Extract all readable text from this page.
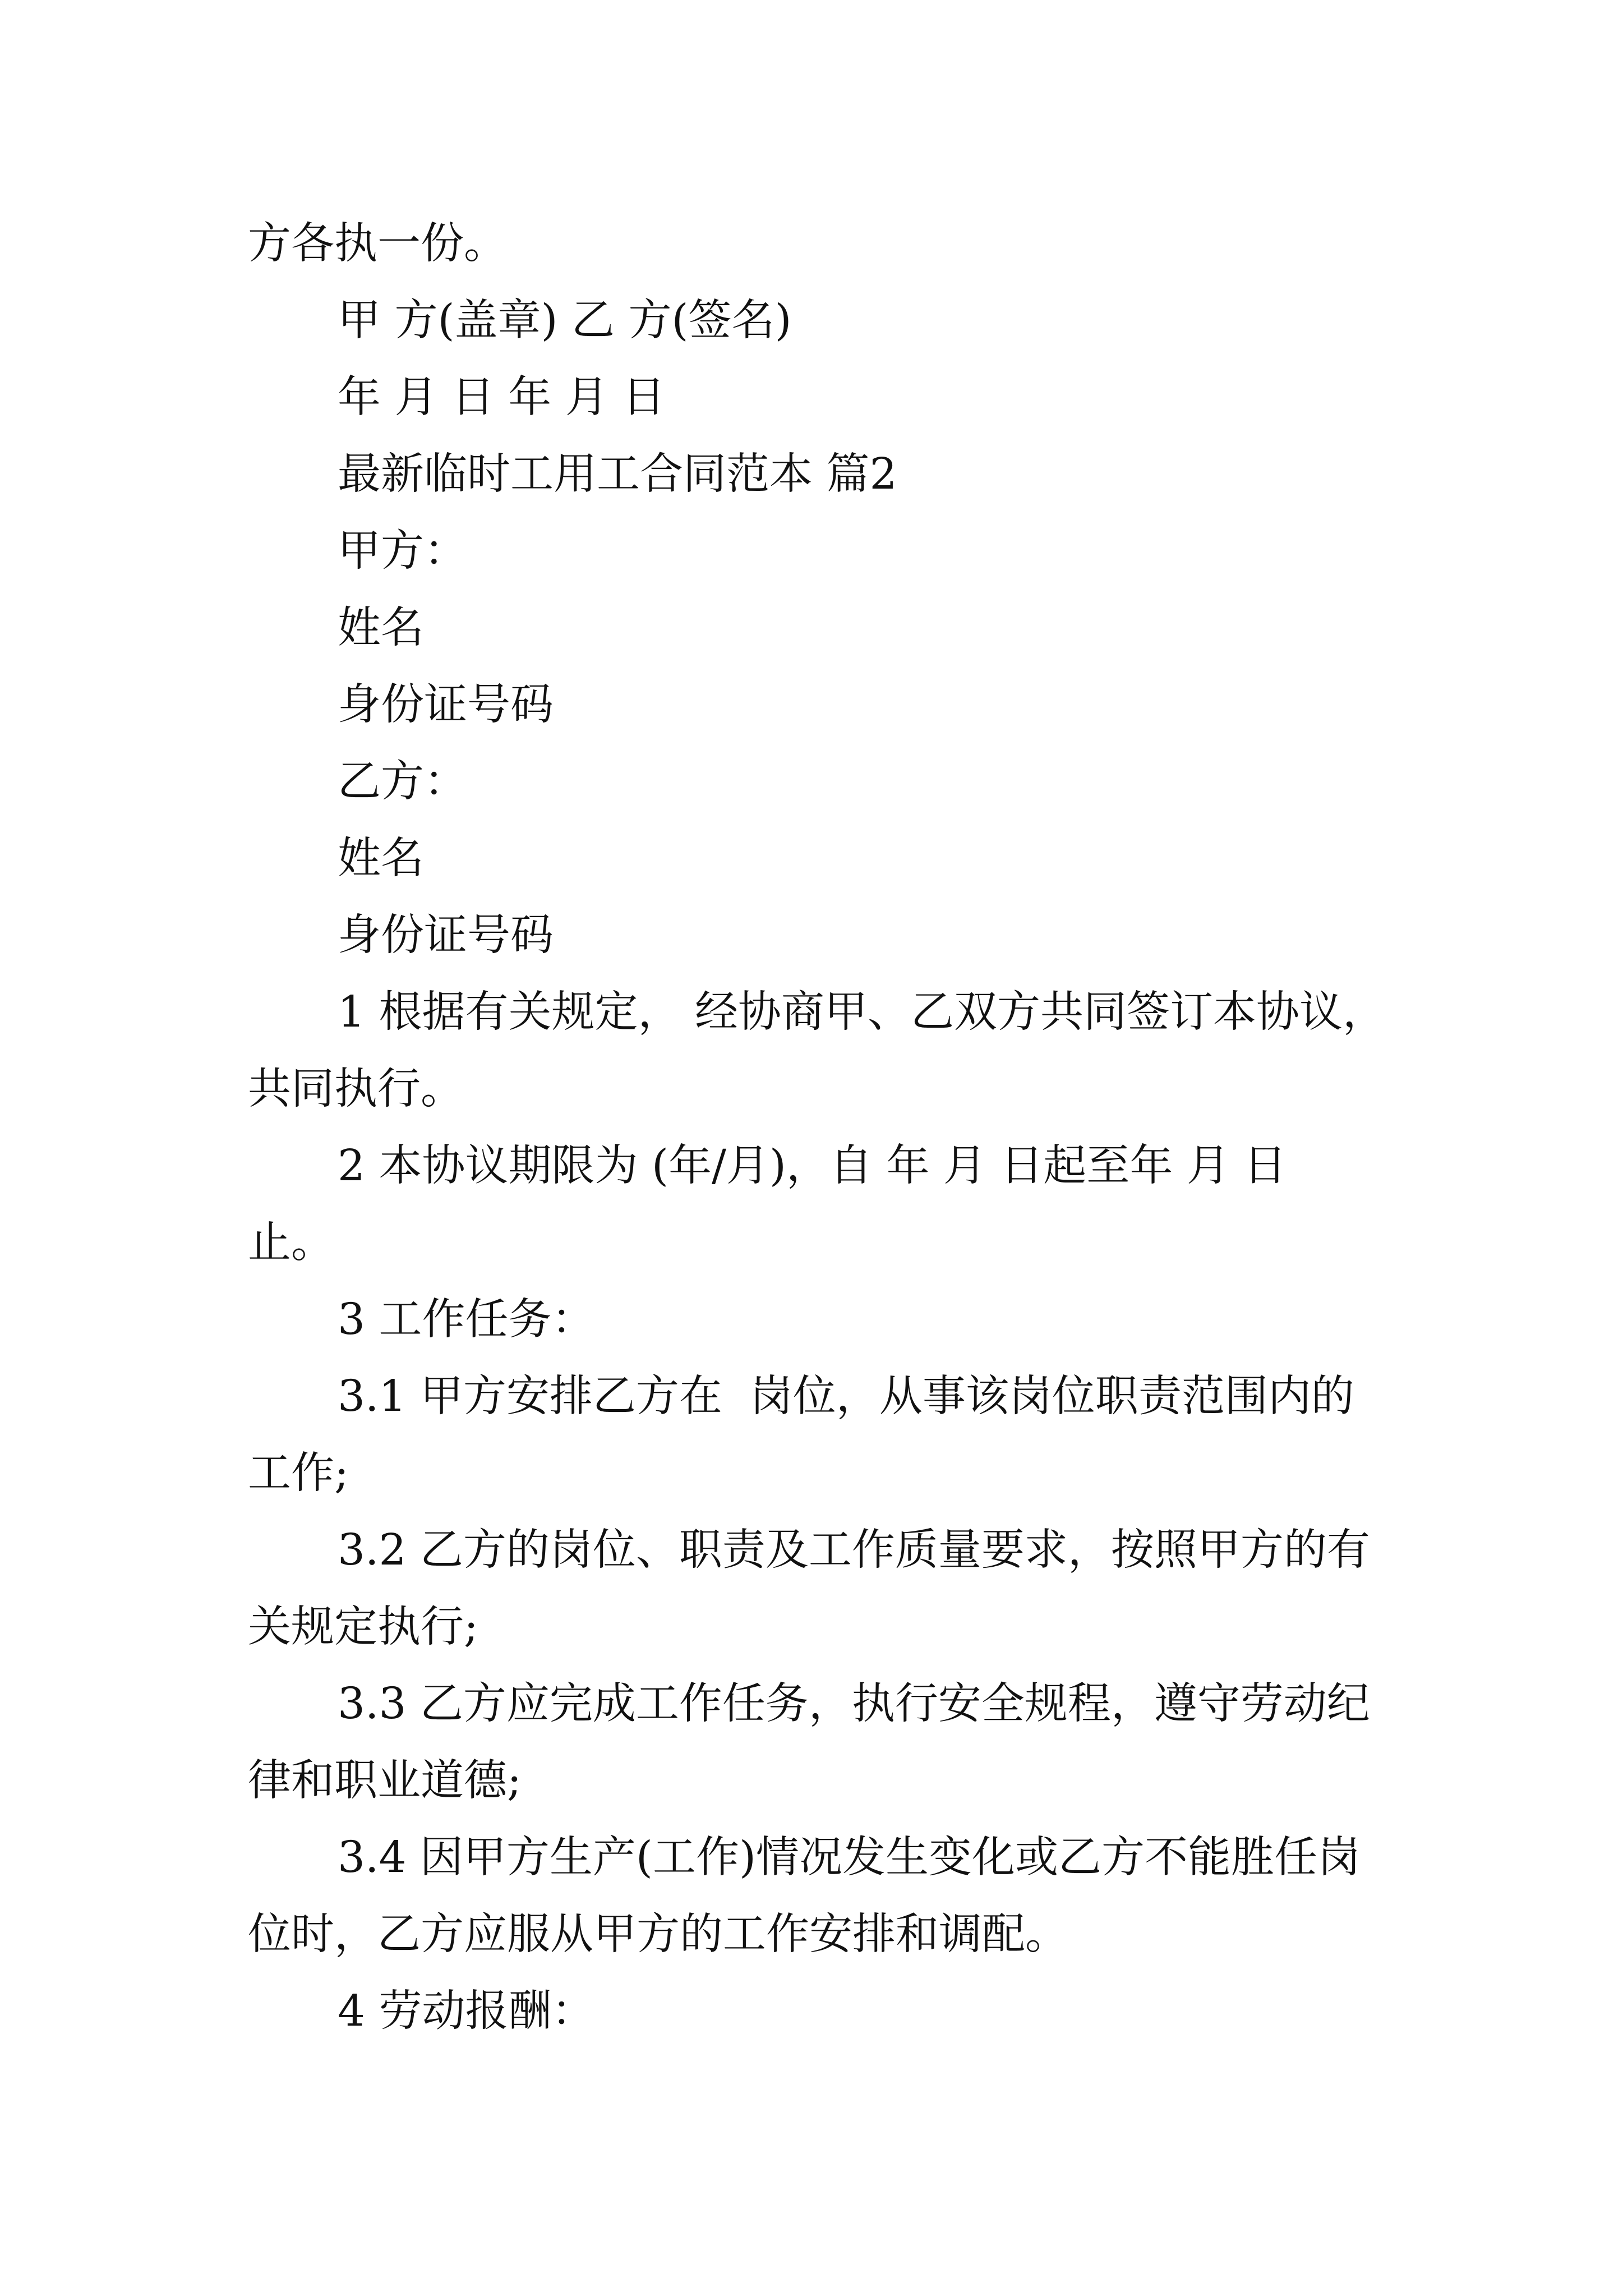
方各执一份。
甲 方(盖章) 乙 方(签名)
年 月 日 年 月 日
最新临时工用工合同范本 篇2
甲方：
姓名
身份证号码
乙方：
姓名
身份证号码
1 根据有关规定， 经协商甲、乙双方共同签订本协议，
共同执行。
2 本协议期限为 (年/月)，自 年 月 日起至年 月 日
止。
3 工作任务：
3.1 甲方安排乙方在  岗位，从事该岗位职责范围内的
工作;
3.2 乙方的岗位、职责及工作质量要求，按照甲方的有
关规定执行;
3.3 乙方应完成工作任务，执行安全规程，遵守劳动纪
律和职业道德;
3.4 因甲方生产(工作)情况发生变化或乙方不能胜任岗
位时，乙方应服从甲方的工作安排和调配。
4 劳动报酬：
